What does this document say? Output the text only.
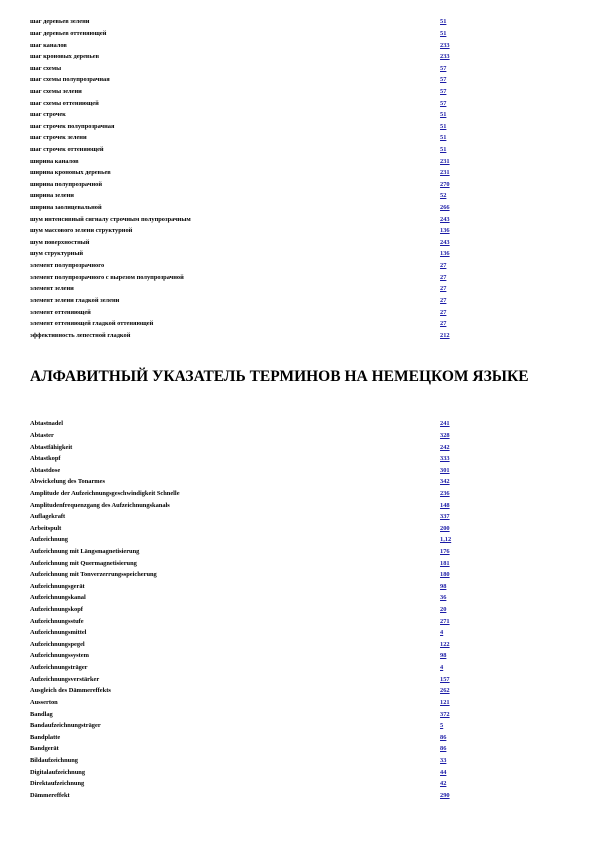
шаг деревьев зелени	51
шаг деревьев оттеняющей	51
шаг каналов	233
шаг кроновых деревьев	233
шаг схемы	57
шаг схемы полупрозрачная	57
шаг схемы зелени	57
шаг схемы оттеняющей	57
шаг строчек	51
шаг строчек полупрозрачная	51
шаг строчек зелени	51
шаг строчек оттеняющей	51
ширина каналов	231
ширина кроновых деревьев	231
ширина полупрозрачной	270
ширина зелени	52
ширина заолицевальной	266
шум интенсивный сигналу строчным полупрозрачным	243
шум массового зелени структурной	136
шум поверхностный	243
шум структурный	136
элемент полупрозрачного	27
элемент полупрозрачного с вырезом полупрозрачной	27
элемент зелени	27
элемент зелени гладкой зелени	27
элемент оттеняющей	27
элемент оттеняющей гладкой оттеняющей	27
эффективность лепестной гладкой	212
АЛФАВИТНЫЙ УКАЗАТЕЛЬ ТЕРМИНОВ НА НЕМЕЦКОМ ЯЗЫКЕ
Abtastnadel	241
Abtaster	328
Abtastfähigkeit	242
Abtastkopf	333
Abtastdose	301
Abwickelung des Tonarmes	342
Amplitude der Aufzeichnungsgeschwindigkeit Schnelle	236
Amplitudenfrequenzgang des Aufzeichnungskanals	148
Auflagekraft	337
Arbeitspult	200
Aufzeichnung	1,12
Aufzeichnung mit Längsmagnetisierung	176
Aufzeichnung mit Quermagnetisierung	181
Aufzeichnung mit Tonverzerrungsspeicherung	180
Aufzeichnungsgerät	98
Aufzeichnungskanal	36
Aufzeichnungskopf	20
Aufzeichnungsstufe	271
Aufzeichnungsmittel	4
Aufzeichnungspegel	122
Aufzeichnungssystem	98
Aufzeichnungsträger	4
Aufzeichnungsverstärker	157
Ausgleich des Dämmereffekts	262
Ausserton	121
Bandlag	372
Bandaufzeichnungsträger	5
Bandplatte	86
Bandgerät	86
Bildaufzeichnung	33
Digitalaufzeichnung	44
Direktaufzeichnung	42
Dämmereffekt	290
